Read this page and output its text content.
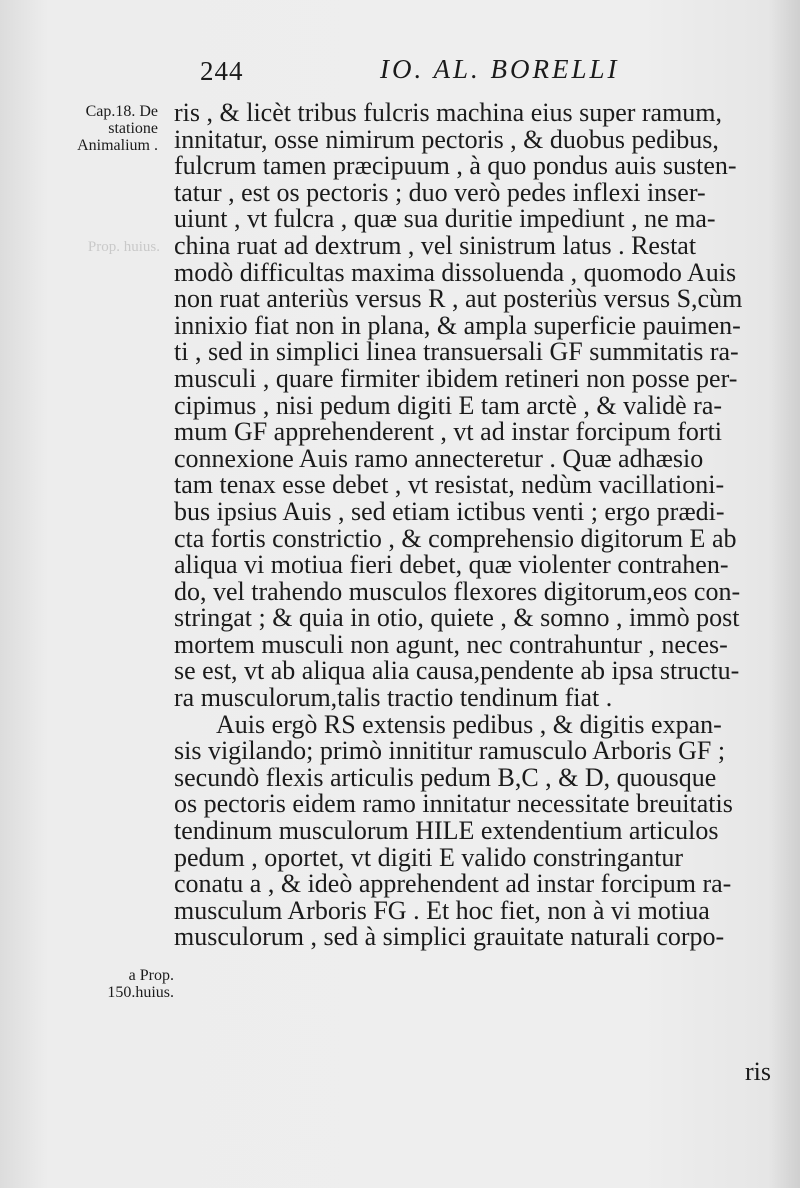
244	IO. AL. BORELLI
Cap.18. De statione Animalium .
a Prop. 150.huius.
Prop. huius.
ris , & licèt tribus fulcris machina eius super ramum,
innitatur, osse nimirum pectoris , & duobus pedibus,
fulcrum tamen præcipuum , à quo pondus auis susten-
tatur , est os pectoris ; duo verò pedes inflexi inser-
uiunt , vt fulcra , quæ sua duritie impediunt , ne ma-
china ruat ad dextrum , vel sinistrum latus . Restat
modò difficultas maxima dissoluenda , quomodo Auis
non ruat anteriùs versus R , aut posteriùs versus S,cùm
innixio fiat non in plana, & ampla superficie pauimen-
ti , sed in simplici linea transuersali GF summitatis ra-
musculi , quare firmiter ibidem retineri non posse per-
cipimus , nisi pedum digiti E tam arctè , & validè ra-
mum GF apprehenderent , vt ad instar forcipum forti
connexione Auis ramo annecteretur . Quæ adhæsio
tam tenax esse debet , vt resistat, nedùm vacillationi-
bus ipsius Auis , sed etiam ictibus venti ; ergo prædi-
cta fortis constrictio , & comprehensio digitorum E ab
aliqua vi motiua fieri debet, quæ violenter contrahen-
do, vel trahendo musculos flexores digitorum,eos con-
stringat ; & quia in otio, quiete , & somno , immò post
mortem musculi non agunt, nec contrahuntur , neces-
se est, vt ab aliqua alia causa,pendente ab ipsa structu-
ra musculorum,talis tractio tendinum fiat .
Auis ergò RS extensis pedibus , & digitis expan-
sis vigilando; primò innititur ramusculo Arboris GF ;
secundò flexis articulis pedum B,C , & D, quousque
os pectoris eidem ramo innitatur necessitate breuitatis
tendinum musculorum HILE extendentium articulos
pedum , oportet, vt digiti E valido constringantur
conatu a , & ideò apprehendent ad instar forcipum ra-
musculum Arboris FG . Et hoc fiet, non à vi motiua
musculorum , sed à simplici grauitate naturali corpo-
ris
